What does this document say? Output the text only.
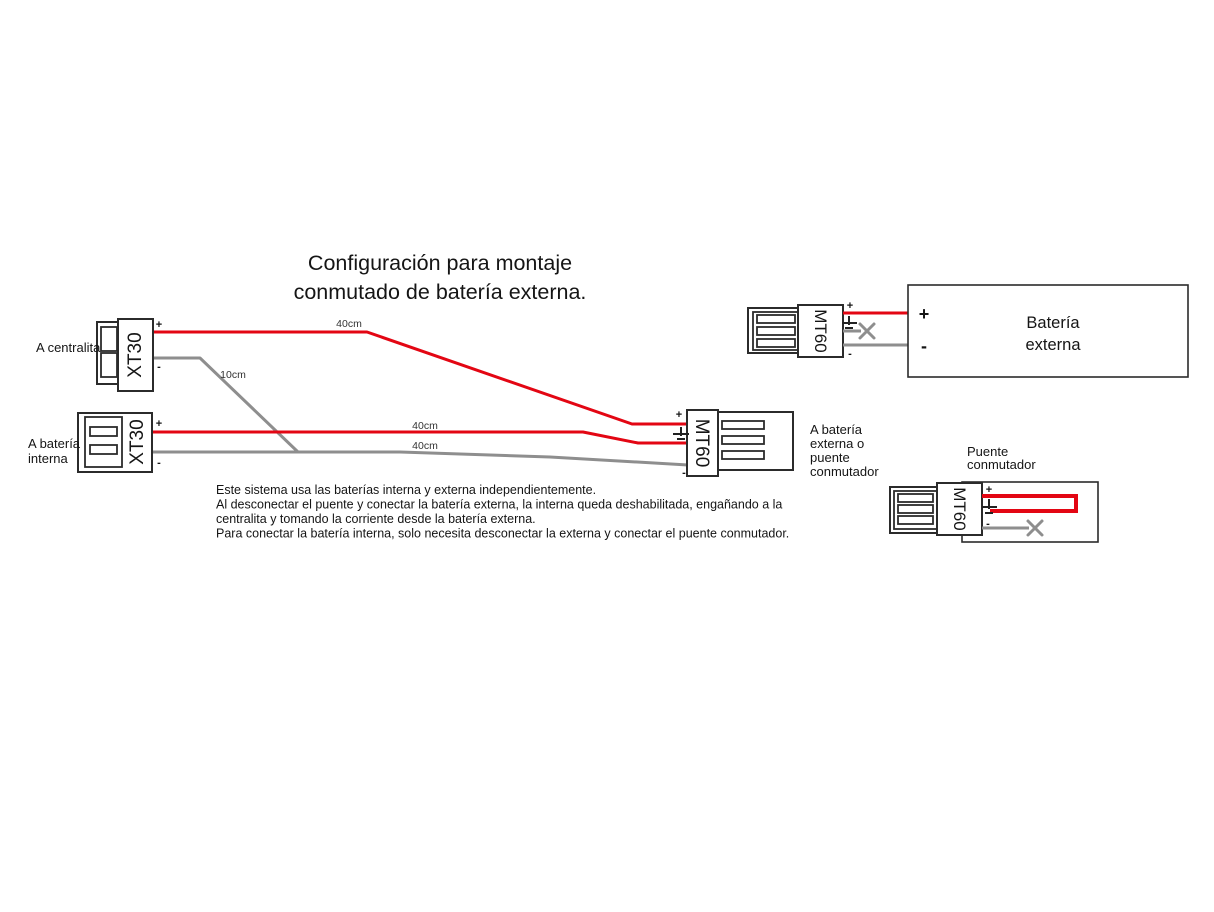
Configuración para montaje
conmutado de batería externa.
40cm
10cm
40cm
40cm
XT30
+
-
A centralita
XT30 +
-
A batería
interna	MT60
+
-
A batería
externa o
puente
conmutador
MT60
+
-
+
-
Batería
externa
Puente
conmutador
MT60 +
-
Este sistema usa las baterías interna y externa independientemente.
Al desconectar el puente y conectar la batería externa, la interna queda deshabilitada, engañando a la
centralita y tomando la corriente desde la batería externa.
Para conectar la batería interna, solo necesita desconectar la externa y conectar el puente conmutador.
